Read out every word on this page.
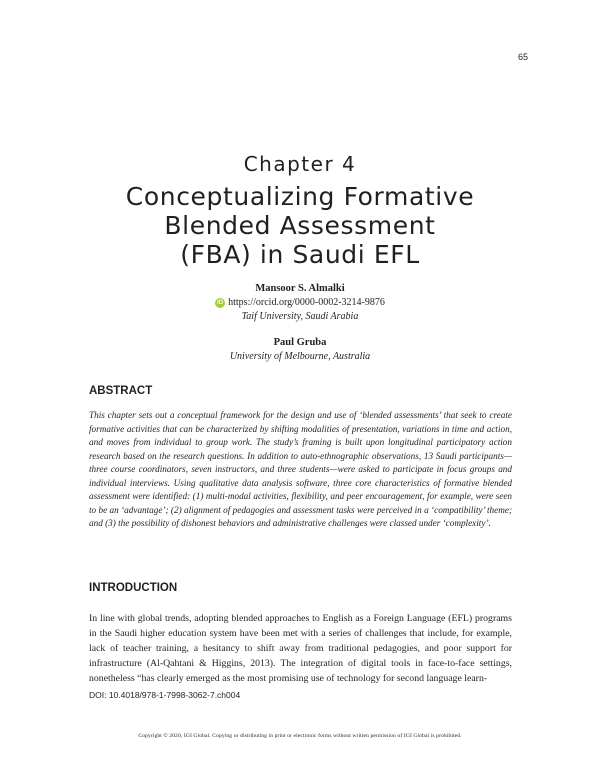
65
Chapter 4
Conceptualizing Formative
Blended Assessment
(FBA) in Saudi EFL
Mansoor S. Almalki
iD https://orcid.org/0000-0002-3214-9876
Taif University, Saudi Arabia
Paul Gruba
University of Melbourne, Australia
ABSTRACT

This chapter sets out a conceptual framework for the design and use of ‘blended assessments’ that seek to create formative activities that can be characterized by shifting modalities of presentation, variations in time and action, and moves from individual to group work. The study’s framing is built upon longitudinal participatory action research based on the research questions. In addition to auto-ethnographic observations, 13 Saudi participants—three course coordinators, seven instructors, and three students—were asked to participate in focus groups and individual interviews. Using qualitative data analysis software, three core characteristics of formative blended assessment were identified: (1) multi-modal activities, flexibility, and peer encouragement, for example, were seen to be an ‘advantage’; (2) alignment of pedagogies and assessment tasks were perceived in a ‘compatibility’ theme; and (3) the possibility of dishonest behaviors and administrative challenges were classed under ‘complexity’.

INTRODUCTION

In line with global trends, adopting blended approaches to English as a Foreign Language (EFL) programs in the Saudi higher education system have been met with a series of challenges that include, for example, lack of teacher training, a hesitancy to shift away from traditional pedagogies, and poor support for infrastructure (Al-Qahtani & Higgins, 2013). The integration of digital tools in face-to-face settings, nonetheless “has clearly emerged as the most promising use of technology for second language learn-

DOI: 10.4018/978-1-7998-3062-7.ch004
Copyright © 2020, IGI Global. Copying or distributing in print or electronic forms without written permission of IGI Global is prohibited.
